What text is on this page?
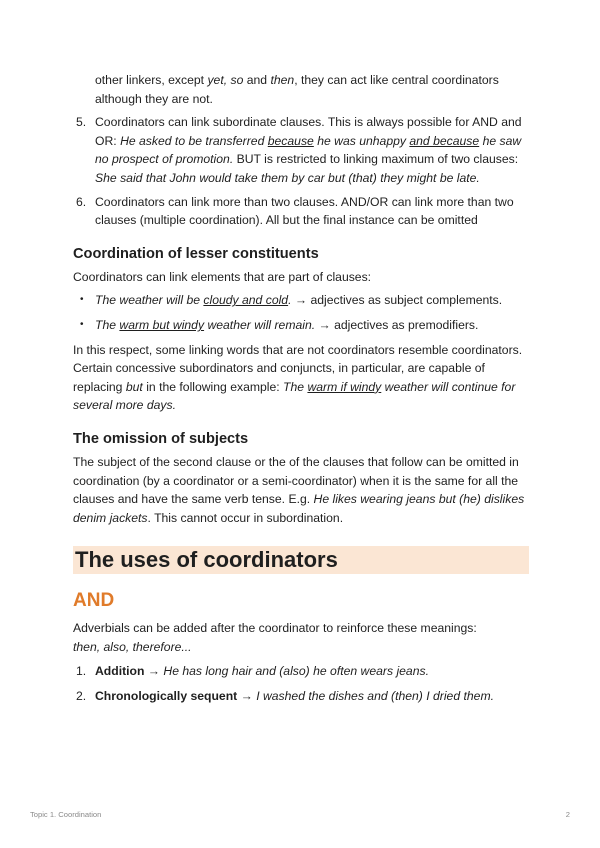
other linkers, except yet, so and then, they can act like central coordinators although they are not.

5. Coordinators can link subordinate clauses. This is always possible for AND and OR: He asked to be transferred because he was unhappy and because he saw no prospect of promotion. BUT is restricted to linking maximum of two clauses: She said that John would take them by car but (that) they might be late.
6. Coordinators can link more than two clauses. AND/OR can link more than two clauses (multiple coordination). All but the final instance can be omitted
Coordination of lesser constituents

Coordinators can link elements that are part of clauses:

• The weather will be cloudy and cold. → adjectives as subject complements.
• The warm but windy weather will remain. → adjectives as premodifiers.

In this respect, some linking words that are not coordinators resemble coordinators. Certain concessive subordinators and conjuncts, in particular, are capable of replacing but in the following example: The warm if windy weather will continue for several more days.

The omission of subjects

The subject of the second clause or the of the clauses that follow can be omitted in coordination (by a coordinator or a semi-coordinator) when it is the same for all the clauses and have the same verb tense. E.g. He likes wearing jeans but (he) dislikes denim jackets. This cannot occur in subordination.

The uses of coordinators
AND

Adverbials can be added after the coordinator to reinforce these meanings:
then, also, therefore...

1. Addition → He has long hair and (also) he often wears jeans.
2. Chronologically sequent → I washed the dishes and (then) I dried them.
Topic 1. Coordination	2
